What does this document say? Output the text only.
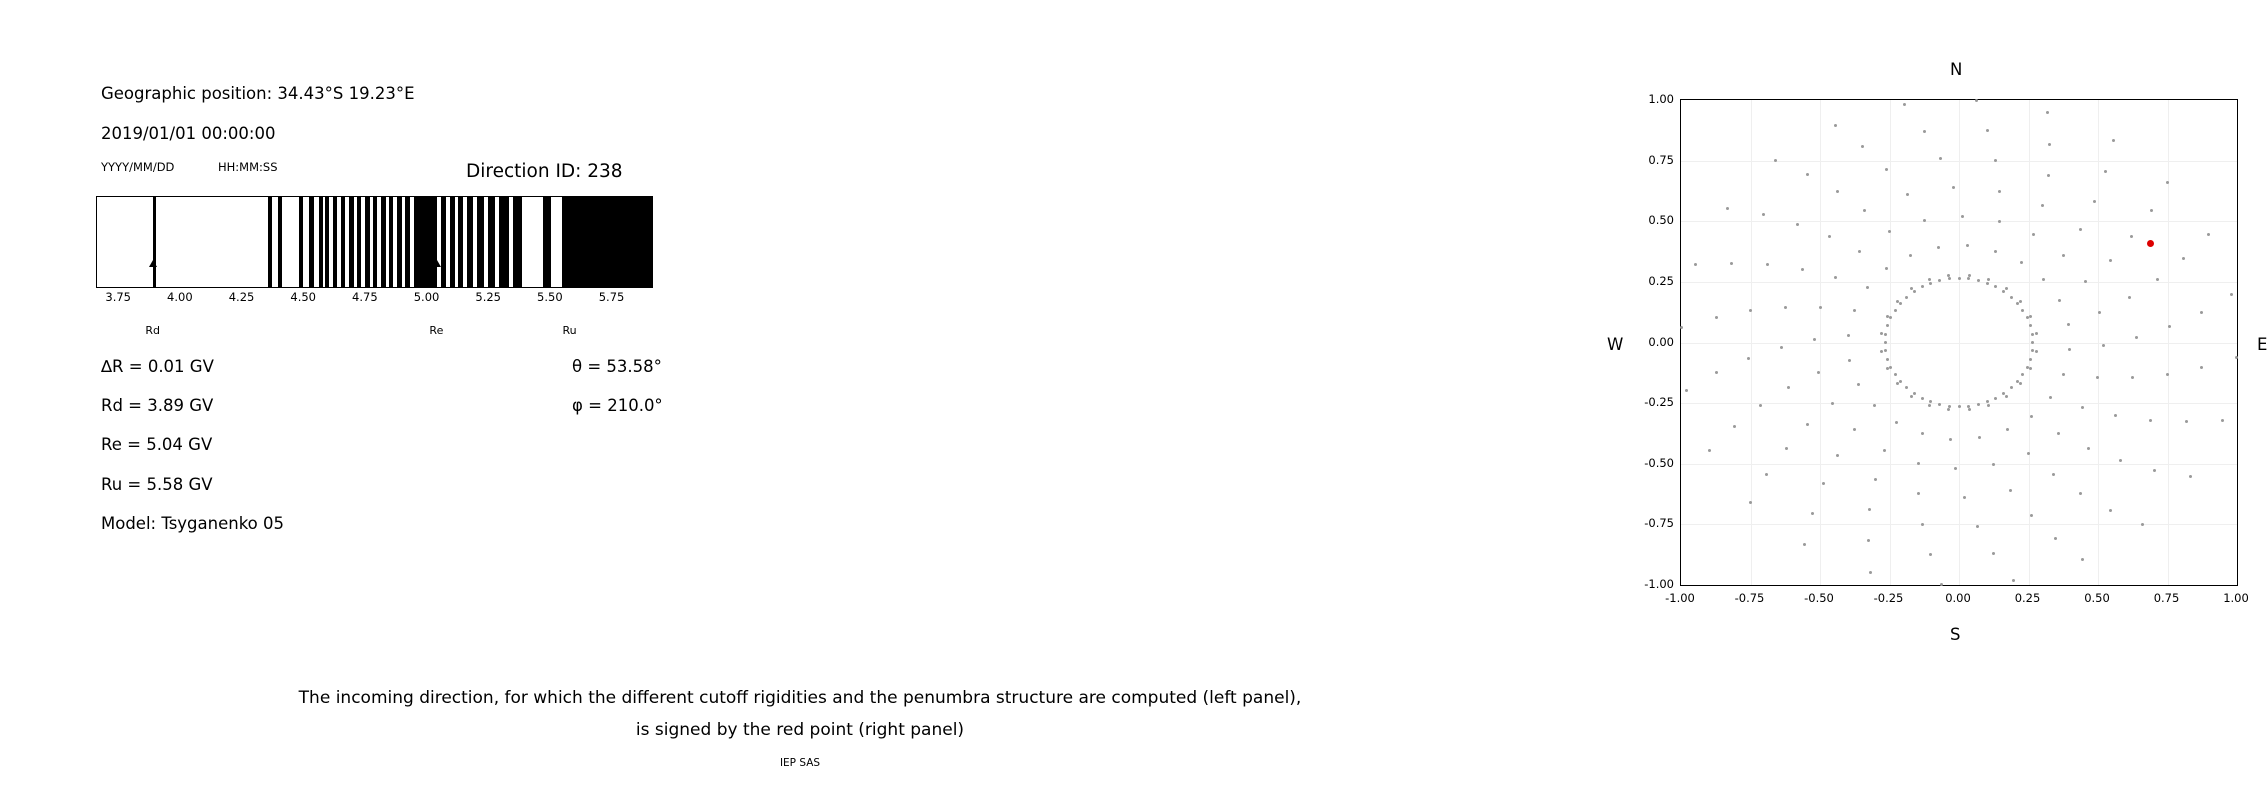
Geographic position: 34.43°S 19.23°E
2019/01/01 00:00:00
YYYY/MM/DD	HH:MM:SS	Direction ID: 238
3.75	4.00	4.25	4.50	4.75	5.00	5.25	5.50	5.75
Rd	Re	Ru
∆R = 0.01 GV
Rd = 3.89 GV
Re = 5.04 GV
Ru = 5.58 GV
Model: Tsyganenko 05
θ = 53.58°
φ = 210.0°
N
S
W	E
-1.00
-0.75
-0.50
-0.25
0.00
0.25
0.50
0.75
1.00
-1.00	-0.75	-0.50	-0.25	0.00	0.25	0.50	0.75	1.00
The incoming direction, for which the different cutoff rigidities and the penumbra structure are computed (left panel),
is signed by the red point (right panel)
IEP SAS
